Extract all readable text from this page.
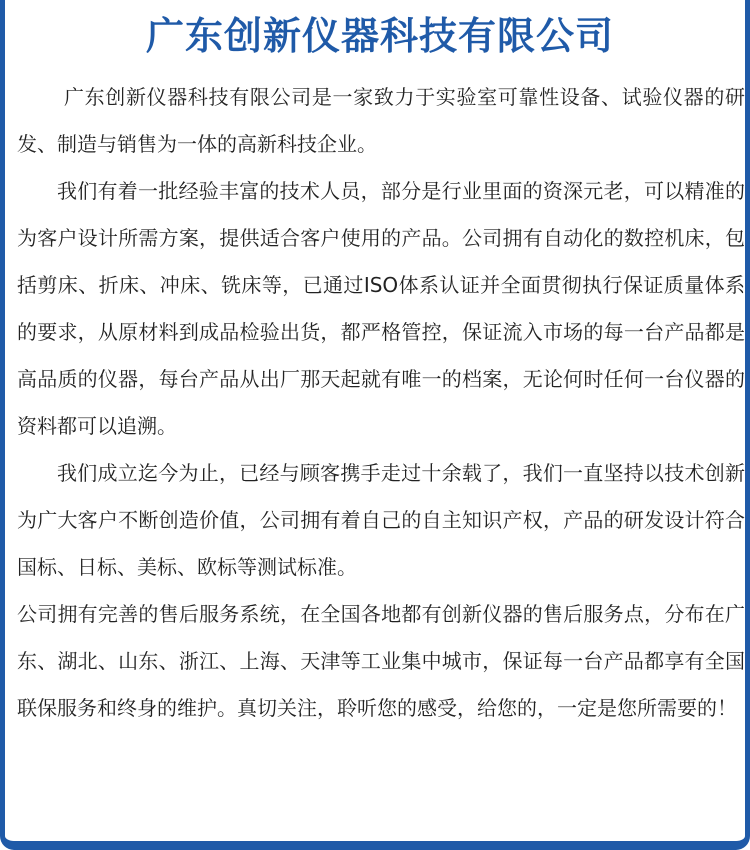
广东创新仪器科技有限公司

广东创新仪器科技有限公司是一家致力于实验室可靠性设备、试验仪器的研发、制造与销售为一体的高新科技企业。

我们有着一批经验丰富的技术人员，部分是行业里面的资深元老，可以精准的为客户设计所需方案，提供适合客户使用的产品。公司拥有自动化的数控机床，包括剪床、折床、冲床、铣床等，已通过ISO体系认证并全面贯彻执行保证质量体系的要求，从原材料到成品检验出货，都严格管控，保证流入市场的每一台产品都是高品质的仪器，每台产品从出厂那天起就有唯一的档案，无论何时任何一台仪器的资料都可以追溯。

我们成立迄今为止，已经与顾客携手走过十余载了，我们一直坚持以技术创新为广大客户不断创造价值，公司拥有着自己的自主知识产权，产品的研发设计符合国标、日标、美标、欧标等测试标准。

公司拥有完善的售后服务系统，在全国各地都有创新仪器的售后服务点，分布在广东、湖北、山东、浙江、上海、天津等工业集中城市，保证每一台产品都享有全国联保服务和终身的维护。真切关注，聆听您的感受，给您的，一定是您所需要的！
